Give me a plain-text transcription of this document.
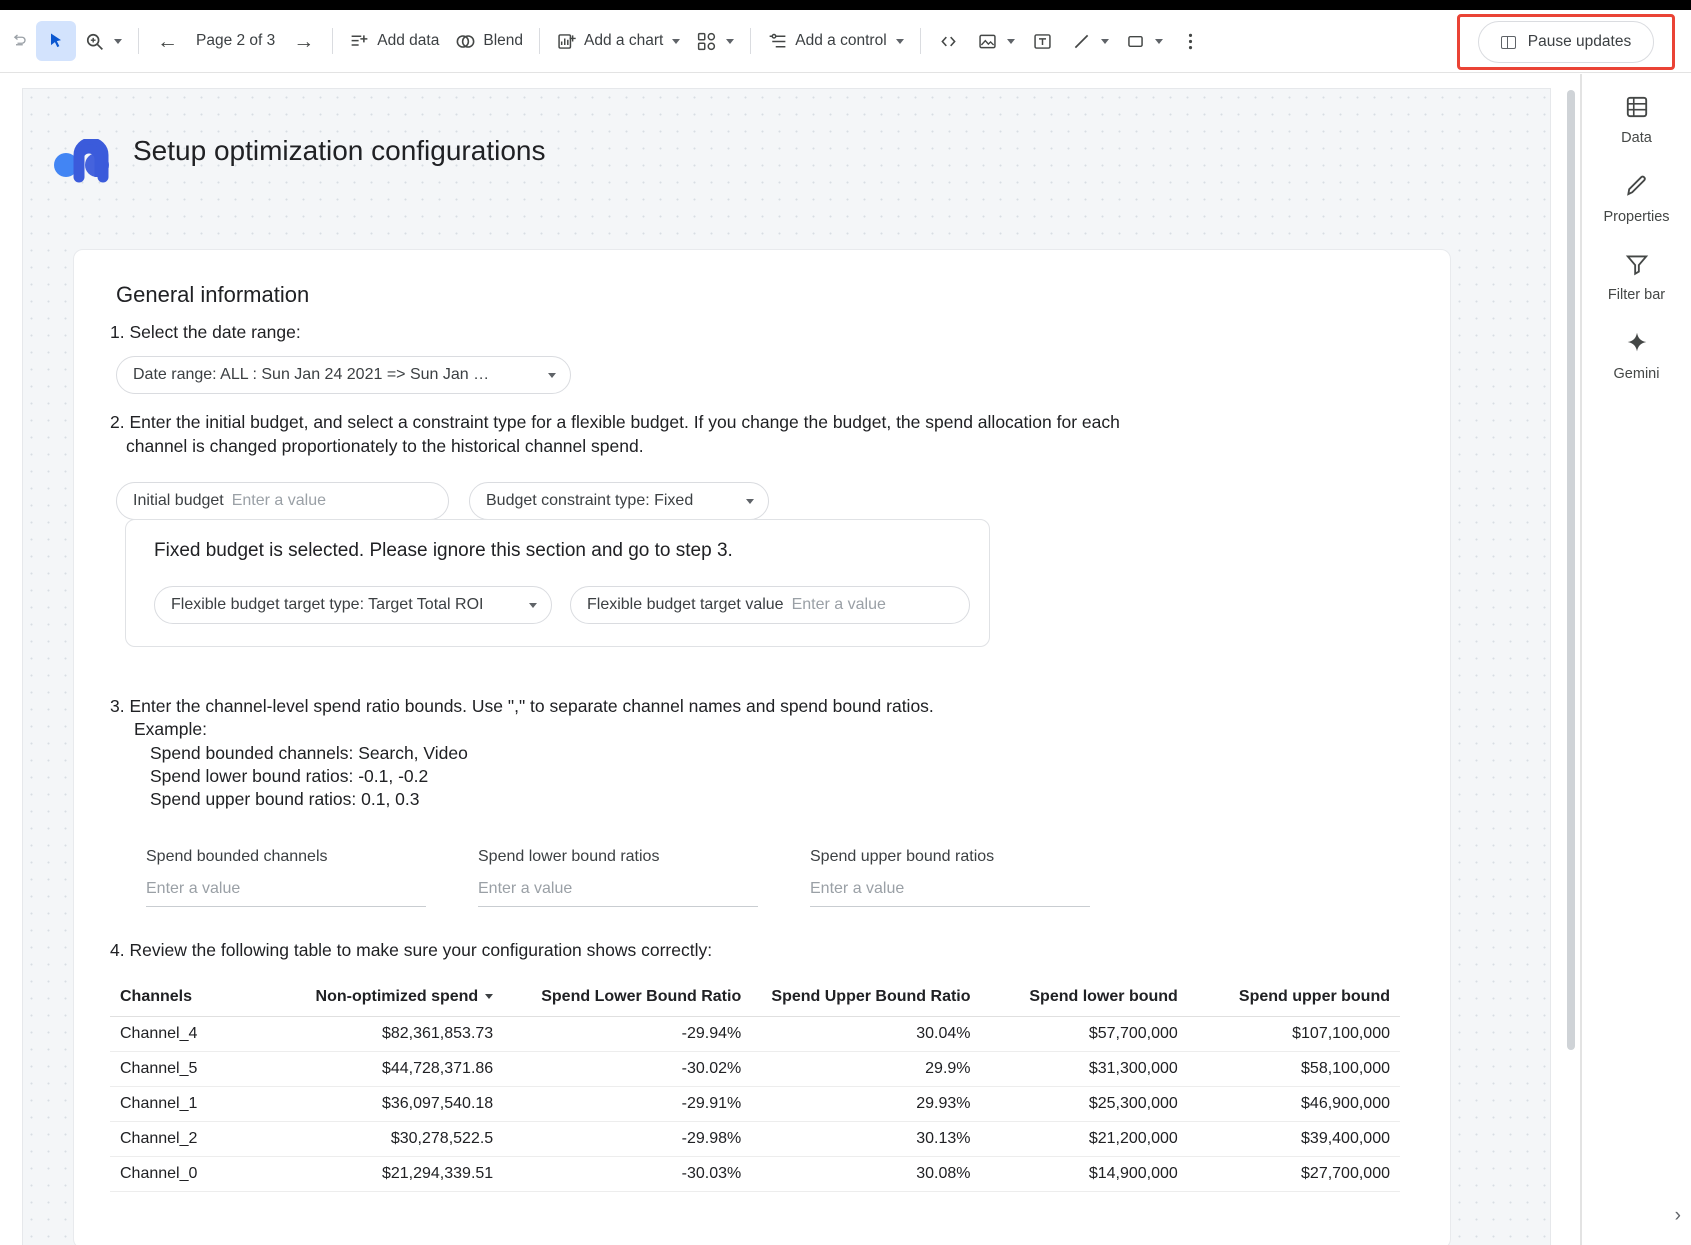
← Page 2 of 3 →	Add data	Blend	Add a chart	Add a control	Pause updates
Setup optimization configurations
General information
1. Select the date range:
Date range: ALL : Sun Jan 24 2021 => Sun Jan …
2. Enter the initial budget, and select a constraint type for a flexible budget. If you change the budget, the spend allocation for each
channel is changed proportionately to the historical channel spend.
Initial budget Enter a value	Budget constraint type: Fixed
Fixed budget is selected. Please ignore this section and go to step 3.
Flexible budget target type: Target Total ROI	Flexible budget target value Enter a value
3. Enter the channel-level spend ratio bounds. Use "," to separate channel names and spend bound ratios.
Example:
Spend bounded channels: Search, Video
Spend lower bound ratios: -0.1, -0.2
Spend upper bound ratios: 0.1, 0.3
Spend bounded channels
Enter a value
Spend lower bound ratios
Enter a value
Spend upper bound ratios
Enter a value
4. Review the following table to make sure your configuration shows correctly:
Channels	Non-optimized spend	Spend Lower Bound Ratio	Spend Upper Bound Ratio	Spend lower bound	Spend upper bound
Channel_4	$82,361,853.73	-29.94%	30.04%	$57,700,000	$107,100,000
Channel_5	$44,728,371.86	-30.02%	29.9%	$31,300,000	$58,100,000
Channel_1	$36,097,540.18	-29.91%	29.93%	$25,300,000	$46,900,000
Channel_2	$30,278,522.5	-29.98%	30.13%	$21,200,000	$39,400,000
Channel_0	$21,294,339.51	-30.03%	30.08%	$14,900,000	$27,700,000
Data
Properties
Filter bar
Gemini
›
